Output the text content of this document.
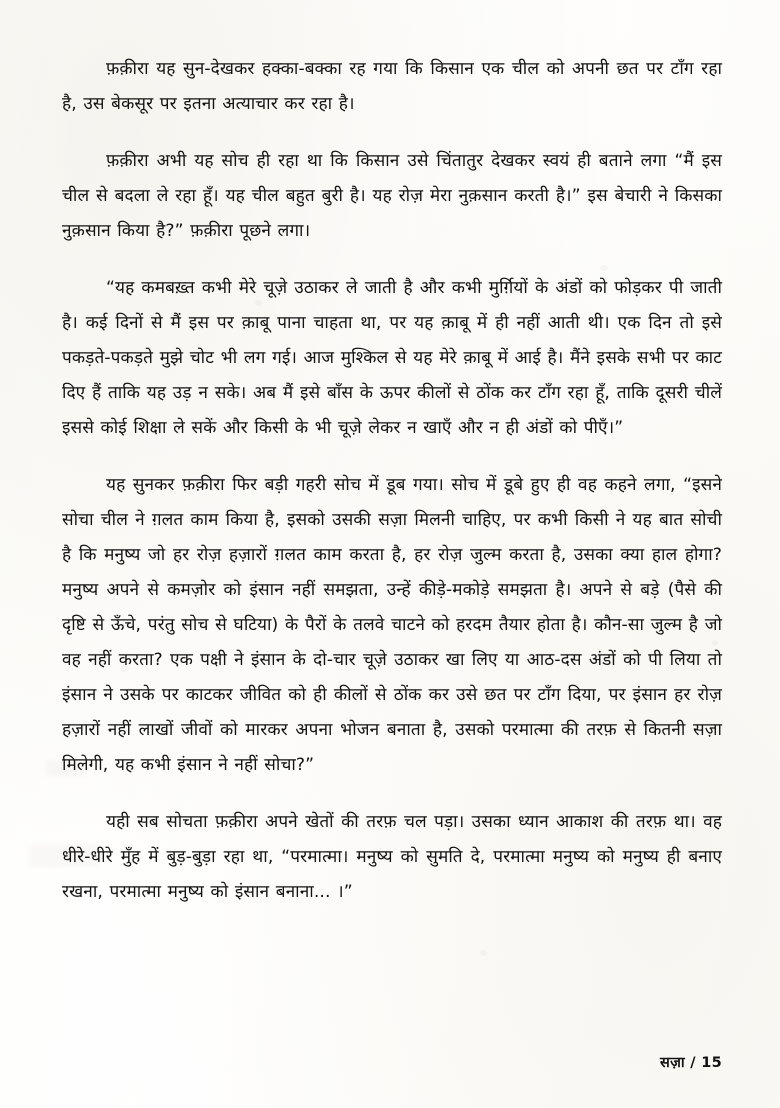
फ़क़ीरा यह सुन-देखकर हक्का-बक्का रह गया कि किसान एक चील को अपनी छत पर टाँग रहा है, उस बेकसूर पर इतना अत्याचार कर रहा है।

फ़क़ीरा अभी यह सोच ही रहा था कि किसान उसे चिंतातुर देखकर स्वयं ही बताने लगा “मैं इस चील से बदला ले रहा हूँ। यह चील बहुत बुरी है। यह रोज़ मेरा नुक़सान करती है।” इस बेचारी ने किसका नुक़सान किया है?” फ़क़ीरा पूछने लगा।

“यह कमबख़्त कभी मेरे चूज़े उठाकर ले जाती है और कभी मुर्ग़ियों के अंडों को फोड़कर पी जाती है। कई दिनों से मैं इस पर क़ाबू पाना चाहता था, पर यह क़ाबू में ही नहीं आती थी। एक दिन तो इसे पकड़ते-पकड़ते मुझे चोट भी लग गई। आज मुश्किल से यह मेरे क़ाबू में आई है। मैंने इसके सभी पर काट दिए हैं ताकि यह उड़ न सके। अब मैं इसे बाँस के ऊपर कीलों से ठोंक कर टाँग रहा हूँ, ताकि दूसरी चीलें इससे कोई शिक्षा ले सकें और किसी के भी चूज़े लेकर न खाएँ और न ही अंडों को पीएँ।”

यह सुनकर फ़क़ीरा फिर बड़ी गहरी सोच में डूब गया। सोच में डूबे हुए ही वह कहने लगा, “इसने सोचा चील ने ग़लत काम किया है, इसको उसकी सज़ा मिलनी चाहिए, पर कभी किसी ने यह बात सोची है कि मनुष्य जो हर रोज़ हज़ारों ग़लत काम करता है, हर रोज़ जुल्म करता है, उसका क्या हाल होगा? मनुष्य अपने से कमज़ोर को इंसान नहीं समझता, उन्हें कीड़े-मकोड़े समझता है। अपने से बड़े (पैसे की दृष्टि से ऊँचे, परंतु सोच से घटिया) के पैरों के तलवे चाटने को हरदम तैयार होता है। कौन-सा जुल्म है जो वह नहीं करता? एक पक्षी ने इंसान के दो-चार चूज़े उठाकर खा लिए या आठ-दस अंडों को पी लिया तो इंसान ने उसके पर काटकर जीवित को ही कीलों से ठोंक कर उसे छत पर टाँग दिया, पर इंसान हर रोज़ हज़ारों नहीं लाखों जीवों को मारकर अपना भोजन बनाता है, उसको परमात्मा की तरफ़ से कितनी सज़ा मिलेगी, यह कभी इंसान ने नहीं सोचा?”

यही सब सोचता फ़क़ीरा अपने खेतों की तरफ़ चल पड़ा। उसका ध्यान आकाश की तरफ़ था। वह धीरे-धीरे मुँह में बुड़-बुड़ा रहा था, “परमात्मा। मनुष्य को सुमति दे, परमात्मा मनुष्य को मनुष्य ही बनाए रखना, परमात्मा मनुष्य को इंसान बनाना... ।”

सज़ा / 15
